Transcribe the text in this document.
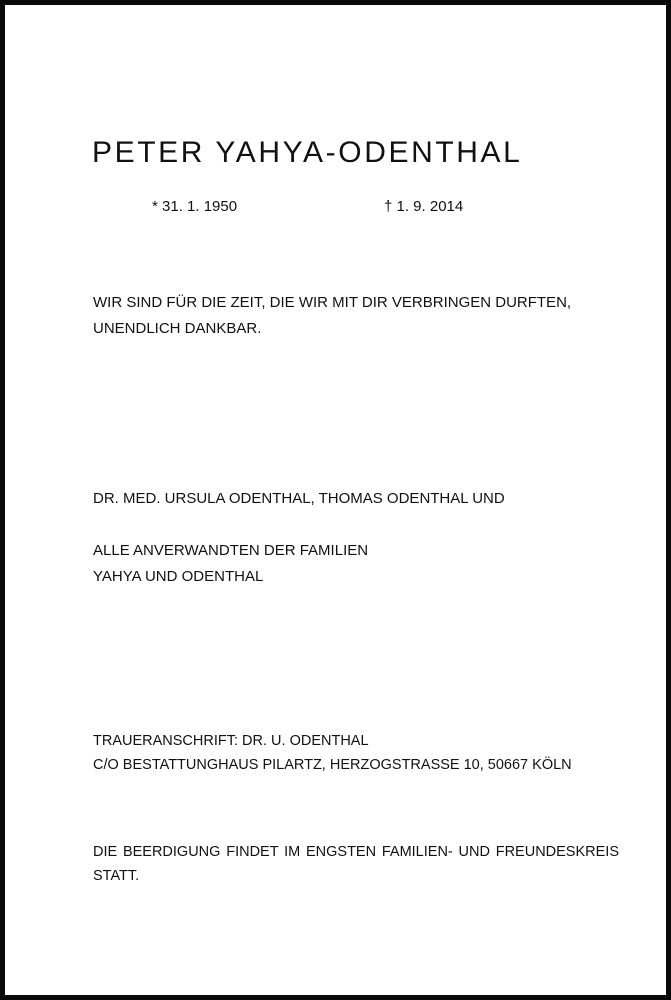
PETER YAHYA-ODENTHAL
* 31. 1. 1950	† 1. 9. 2014

WIR SIND FÜR DIE ZEIT, DIE WIR MIT DIR VERBRINGEN DURFTEN,
UNENDLICH DANKBAR.

DR. MED. URSULA ODENTHAL, THOMAS ODENTHAL UND

ALLE ANVERWANDTEN DER FAMILIEN
YAHYA UND ODENTHAL

TRAUERANSCHRIFT: DR. U. ODENTHAL
C/O BESTATTUNGHAUS PILARTZ, HERZOGSTRASSE 10, 50667 KÖLN

DIE BEERDIGUNG FINDET IM ENGSTEN FAMILIEN- UND FREUNDESKREIS
STATT.
